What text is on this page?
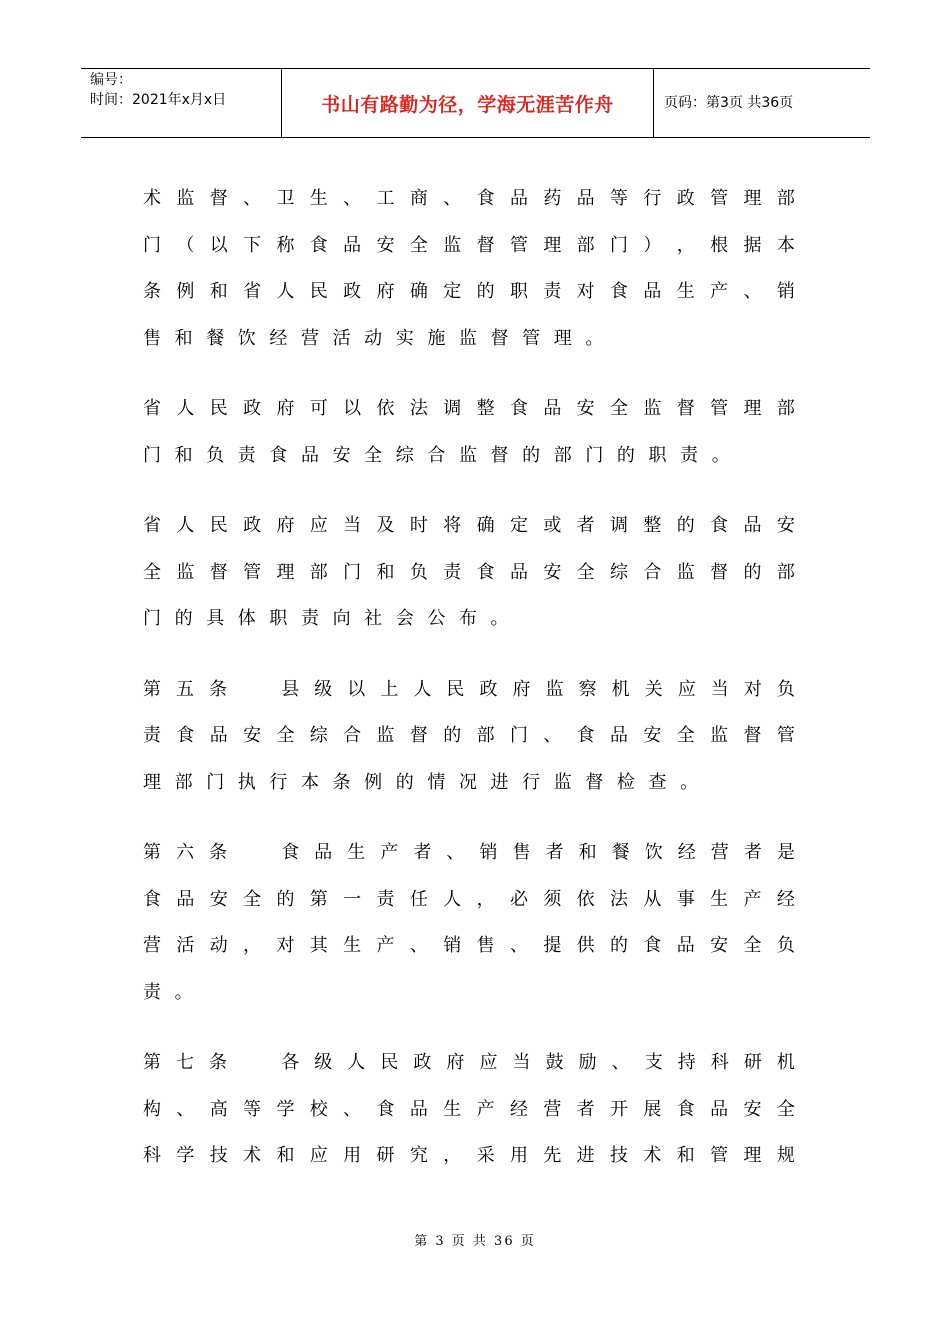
编号：
时间：2021年x月x日	书山有路勤为径，学海无涯苦作舟	页码：第3页 共36页
术 监 督 、 卫 生 、 工 商 、 食 品 药 品 等 行 政 管 理 部
门 （ 以 下 称 食 品 安 全 监 督 管 理 部 门 ） ， 根 据 本
条 例 和 省 人 民 政 府 确 定 的 职 责 对 食 品 生 产 、 销
售 和 餐 饮 经 营 活 动 实 施 监 督 管 理 。
省 人 民 政 府 可 以 依 法 调 整 食 品 安 全 监 督 管 理 部
门 和 负 责 食 品 安 全 综 合 监 督 的 部 门 的 职 责 。
省 人 民 政 府 应 当 及 时 将 确 定 或 者 调 整 的 食 品 安
全 监 督 管 理 部 门 和 负 责 食 品 安 全 综 合 监 督 的 部
门 的 具 体 职 责 向 社 会 公 布 。
第 五 条	县 级 以 上 人 民 政 府 监 察 机 关 应 当 对 负
责 食 品 安 全 综 合 监 督 的 部 门 、 食 品 安 全 监 督 管
理 部 门 执 行 本 条 例 的 情 况 进 行 监 督 检 查 。
第 六 条	食 品 生 产 者 、 销 售 者 和 餐 饮 经 营 者 是
食 品 安 全 的 第 一 责 任 人 ， 必 须 依 法 从 事 生 产 经
营 活 动 ， 对 其 生 产 、 销 售 、 提 供 的 食 品 安 全 负
责 。
第 七 条	各 级 人 民 政 府 应 当 鼓 励 、 支 持 科 研 机
构 、 高 等 学 校 、 食 品 生 产 经 营 者 开 展 食 品 安 全
科 学 技 术 和 应 用 研 究 ， 采 用 先 进 技 术 和 管 理 规
第 3 页 共 36 页
